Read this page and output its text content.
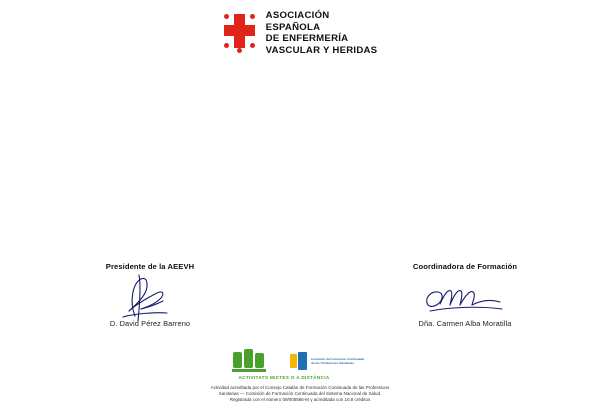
ASOCIACIÓN
ESPAÑOLA
DE ENFERMERÍA
VASCULAR Y HERIDAS
Presidente de la AEEVH
D. David Pérez Barreno
Coordinadora de Formación
Dña. Carmen Alba Moratilla
Comisión de Formación Continuada
de las Profesiones Sanitarias
ACTIVITATS MIXTES O A DISTÀNCIA
Actividad acreditada por el Consejo Catalán de Formación Continuada de las Professions
Sanitarias — Comisión de Formación Continuada del Sistema Nacional de Salud.
Registrada con el número 09/005586-M y acreditada con 10,8 créditos
